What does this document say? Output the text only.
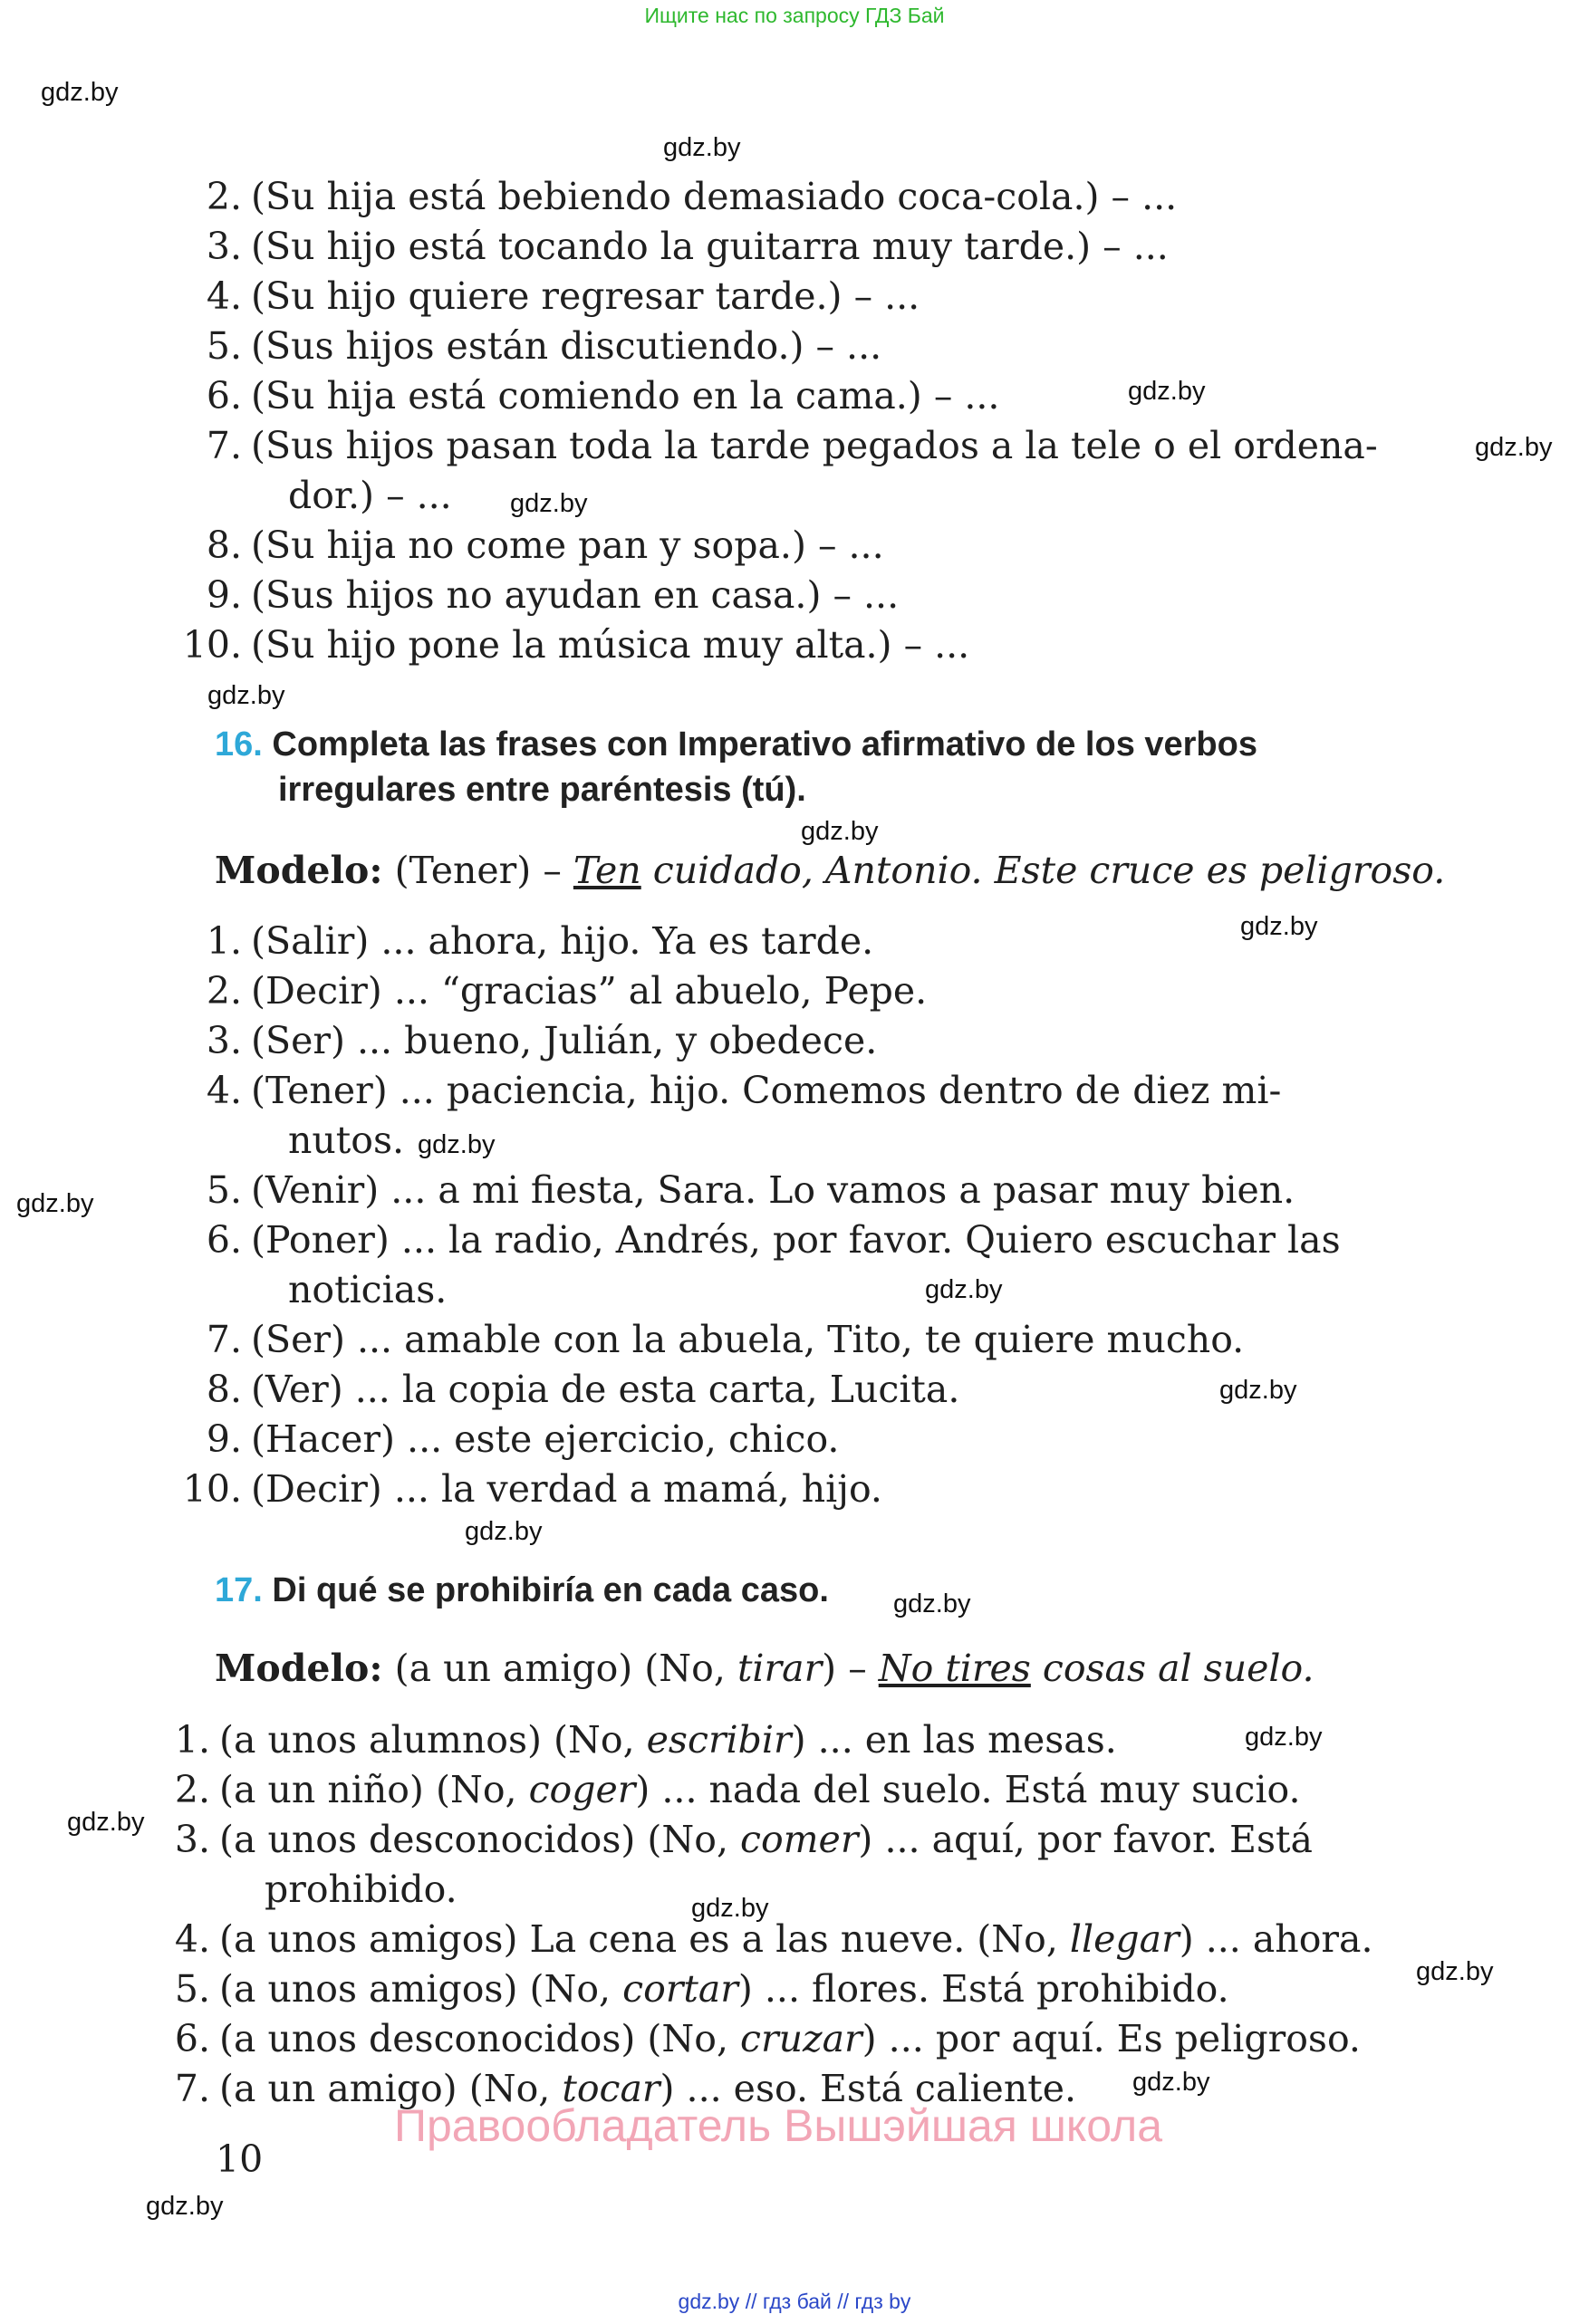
Ищите нас по запросу ГДЗ Бай
gdz.by
gdz.by
gdz.by
gdz.by
gdz.by
gdz.by
gdz.by
gdz.by
gdz.by
gdz.by
gdz.by
gdz.by
gdz.by
gdz.by
gdz.by
gdz.by
gdz.by
gdz.by
gdz.by
gdz.by
2. (Su hija está bebiendo demasiado coca-cola.) – ...
3. (Su hijo está tocando la guitarra muy tarde.) – ...
4. (Su hijo quiere regresar tarde.) – ...
5. (Sus hijos están discutiendo.) – ...
6. (Su hija está comiendo en la cama.) – ...
7. (Sus hijos pasan toda la tarde pegados a la tele o el ordena-
dor.) – ...
8. (Su hija no come pan y sopa.) – ...
9. (Sus hijos no ayudan en casa.) – ...
10. (Su hijo pone la música muy alta.) – ...
16. Completa las frases con Imperativo afirmativo de los verbos
irregulares entre paréntesis (tú).
Modelo: (Tener) – Ten cuidado, Antonio. Este cruce es peligroso.
1. (Salir) ... ahora, hijo. Ya es tarde.
2. (Decir) ... “gracias” al abuelo, Pepe.
3. (Ser) ... bueno, Julián, y obedece.
4. (Tener) ... paciencia, hijo. Comemos dentro de diez mi-
nutos.
5. (Venir) ... a mi fiesta, Sara. Lo vamos a pasar muy bien.
6. (Poner) ... la radio, Andrés, por favor. Quiero escuchar las
noticias.
7. (Ser) ... amable con la abuela, Tito, te quiere mucho.
8. (Ver) ... la copia de esta carta, Lucita.
9. (Hacer) ... este ejercicio, chico.
10. (Decir) ... la verdad a mamá, hijo.
17. Di qué se prohibiría en cada caso.
Modelo: (a un amigo) (No, tirar) – No tires cosas al suelo.
1. (a unos alumnos) (No, escribir) ... en las mesas.
2. (a un niño) (No, coger) ... nada del suelo. Está muy sucio.
3. (a unos desconocidos) (No, comer) ... aquí, por favor. Está
prohibido.
4. (a unos amigos) La cena es a las nueve. (No, llegar) ... ahora.
5. (a unos amigos) (No, cortar) ... flores. Está prohibido.
6. (a unos desconocidos) (No, cruzar) ... por aquí. Es peligroso.
7. (a un amigo) (No, tocar) ... eso. Está caliente.
Правообладатель Вышэйшая школа
10
gdz.by // гдз бай // гдз by
